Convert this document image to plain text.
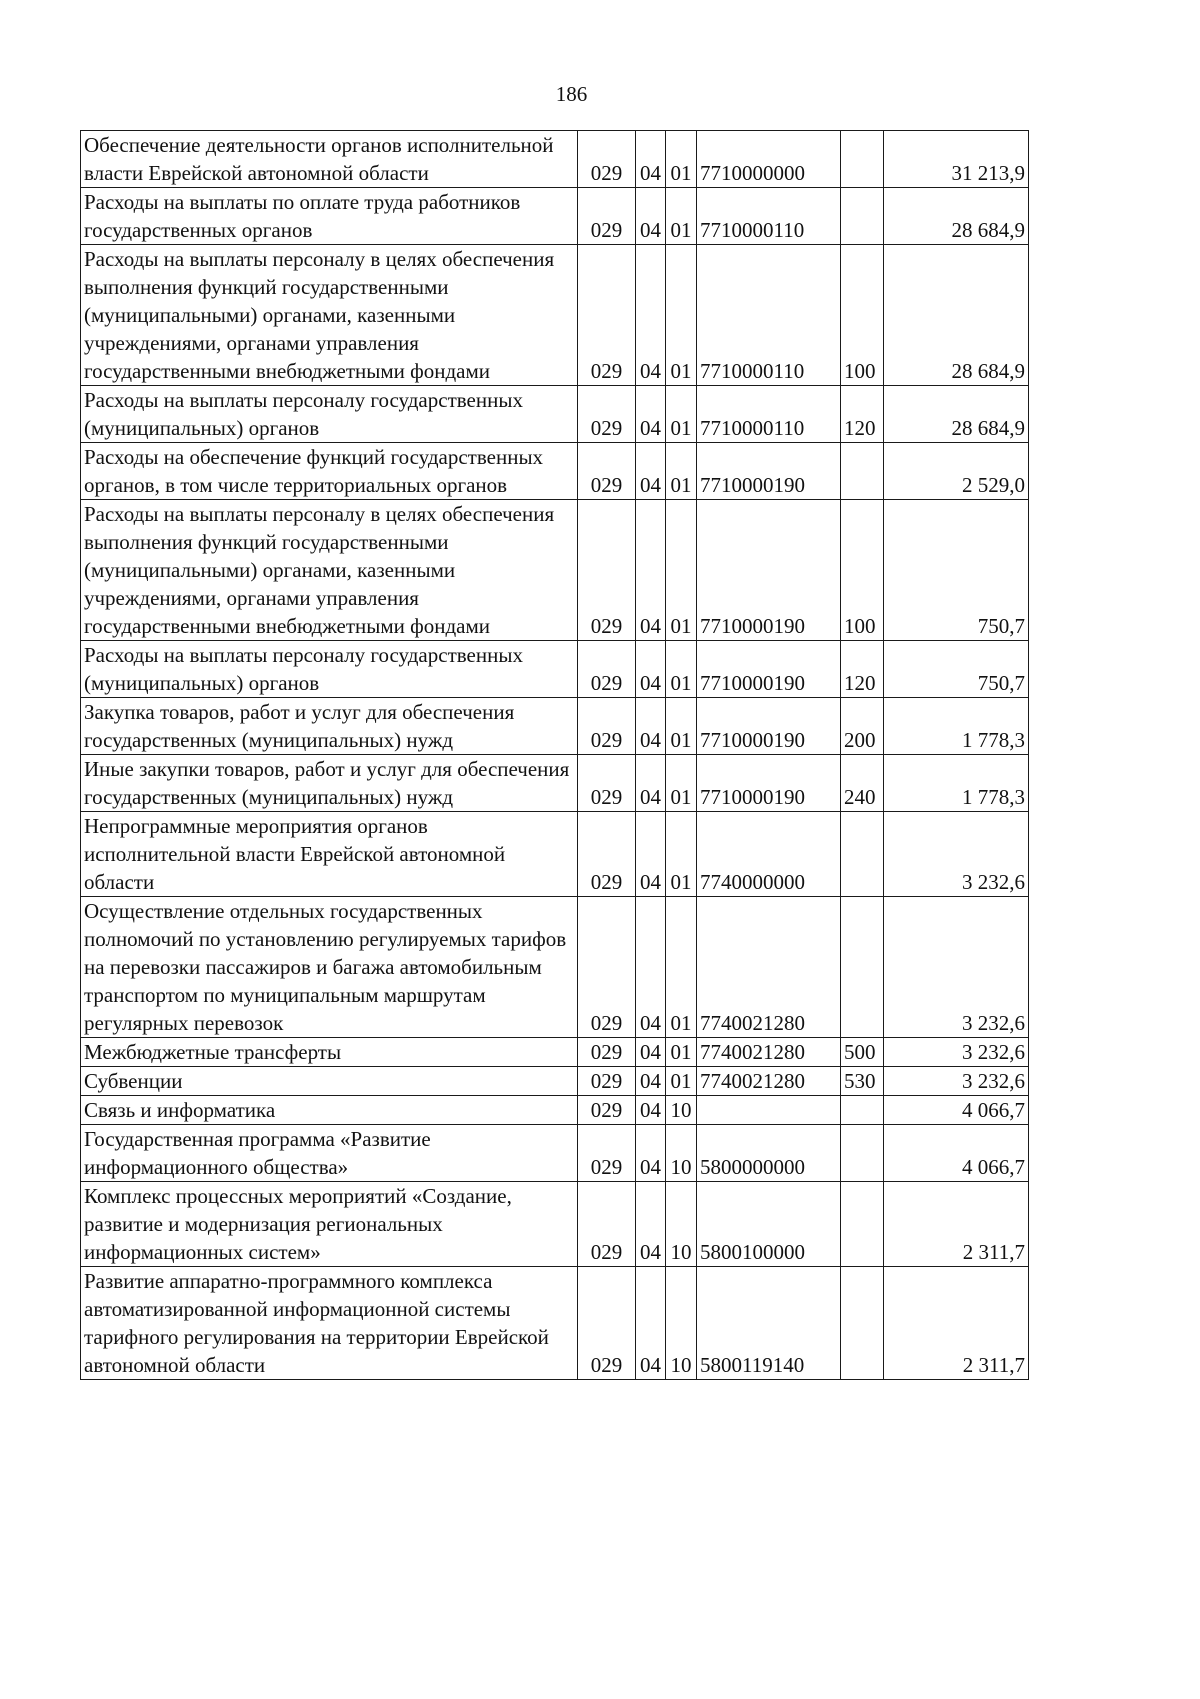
186
Обеспечение деятельности органов исполнительной власти Еврейской автономной области	029	04	01	7710000000		31 213,9
Расходы на выплаты по оплате труда работников государственных органов	029	04	01	7710000110		28 684,9
Расходы на выплаты персоналу в целях обеспечения выполнения функций государственными (муниципальными) органами, казенными учреждениями, органами управления государственными внебюджетными фондами	029	04	01	7710000110	100	28 684,9
Расходы на выплаты персоналу государственных (муниципальных) органов	029	04	01	7710000110	120	28 684,9
Расходы на обеспечение функций государственных органов, в том числе территориальных органов	029	04	01	7710000190		2 529,0
Расходы на выплаты персоналу в целях обеспечения выполнения функций государственными (муниципальными) органами, казенными учреждениями, органами управления государственными внебюджетными фондами	029	04	01	7710000190	100	750,7
Расходы на выплаты персоналу государственных (муниципальных) органов	029	04	01	7710000190	120	750,7
Закупка товаров, работ и услуг для обеспечения государственных (муниципальных) нужд	029	04	01	7710000190	200	1 778,3
Иные закупки товаров, работ и услуг для обеспечения государственных (муниципальных) нужд	029	04	01	7710000190	240	1 778,3
Непрограммные мероприятия органов исполнительной власти Еврейской автономной области	029	04	01	7740000000		3 232,6
Осуществление отдельных государственных полномочий по установлению регулируемых тарифов на перевозки пассажиров и багажа автомобильным транспортом по муниципальным маршрутам регулярных перевозок	029	04	01	7740021280		3 232,6
Межбюджетные трансферты	029	04	01	7740021280	500	3 232,6
Субвенции	029	04	01	7740021280	530	3 232,6
Связь и информатика	029	04	10			4 066,7
Государственная программа «Развитие информационного общества»	029	04	10	5800000000		4 066,7
Комплекс процессных мероприятий «Создание, развитие и модернизация региональных информационных систем»	029	04	10	5800100000		2 311,7
Развитие аппаратно-программного комплекса автоматизированной информационной системы тарифного регулирования на территории Еврейской автономной области	029	04	10	5800119140		2 311,7
